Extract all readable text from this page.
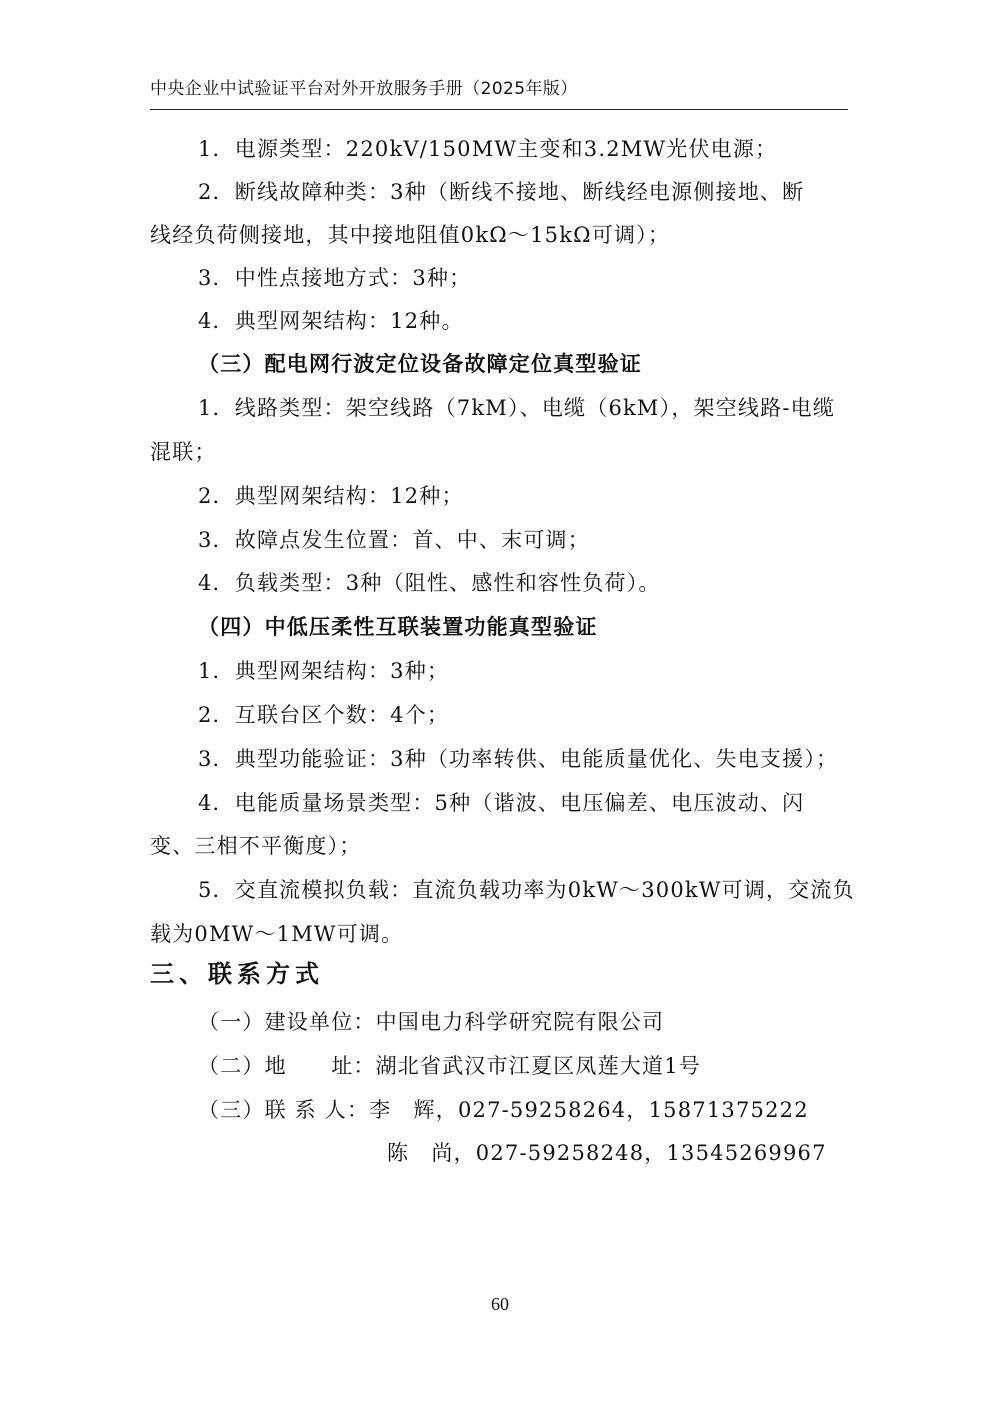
中央企业中试验证平台对外开放服务手册（2025年版）
1．电源类型：220kV/150MW主变和3.2MW光伏电源；
2．断线故障种类：3种（断线不接地、断线经电源侧接地、断
线经负荷侧接地，其中接地阻值0kΩ～15kΩ可调）；
3．中性点接地方式：3种；
4．典型网架结构：12种。
（三）配电网行波定位设备故障定位真型验证
1．线路类型：架空线路（7kM）、电缆（6kM），架空线路-电缆
混联；
2．典型网架结构：12种；
3．故障点发生位置：首、中、末可调；
4．负载类型：3种（阻性、感性和容性负荷）。
（四）中低压柔性互联装置功能真型验证
1．典型网架结构：3种；
2．互联台区个数：4个；
3．典型功能验证：3种（功率转供、电能质量优化、失电支援）；
4．电能质量场景类型：5种（谐波、电压偏差、电压波动、闪
变、三相不平衡度）；
5．交直流模拟负载：直流负载功率为0kW～300kW可调，交流负
载为0MW～1MW可调。
三、联系方式
（一）建设单位：中国电力科学研究院有限公司
（二）地　　址：湖北省武汉市江夏区凤莲大道1号
（三）联 系 人：李　辉，027-59258264，15871375222
陈　尚，027-59258248，13545269967
60
